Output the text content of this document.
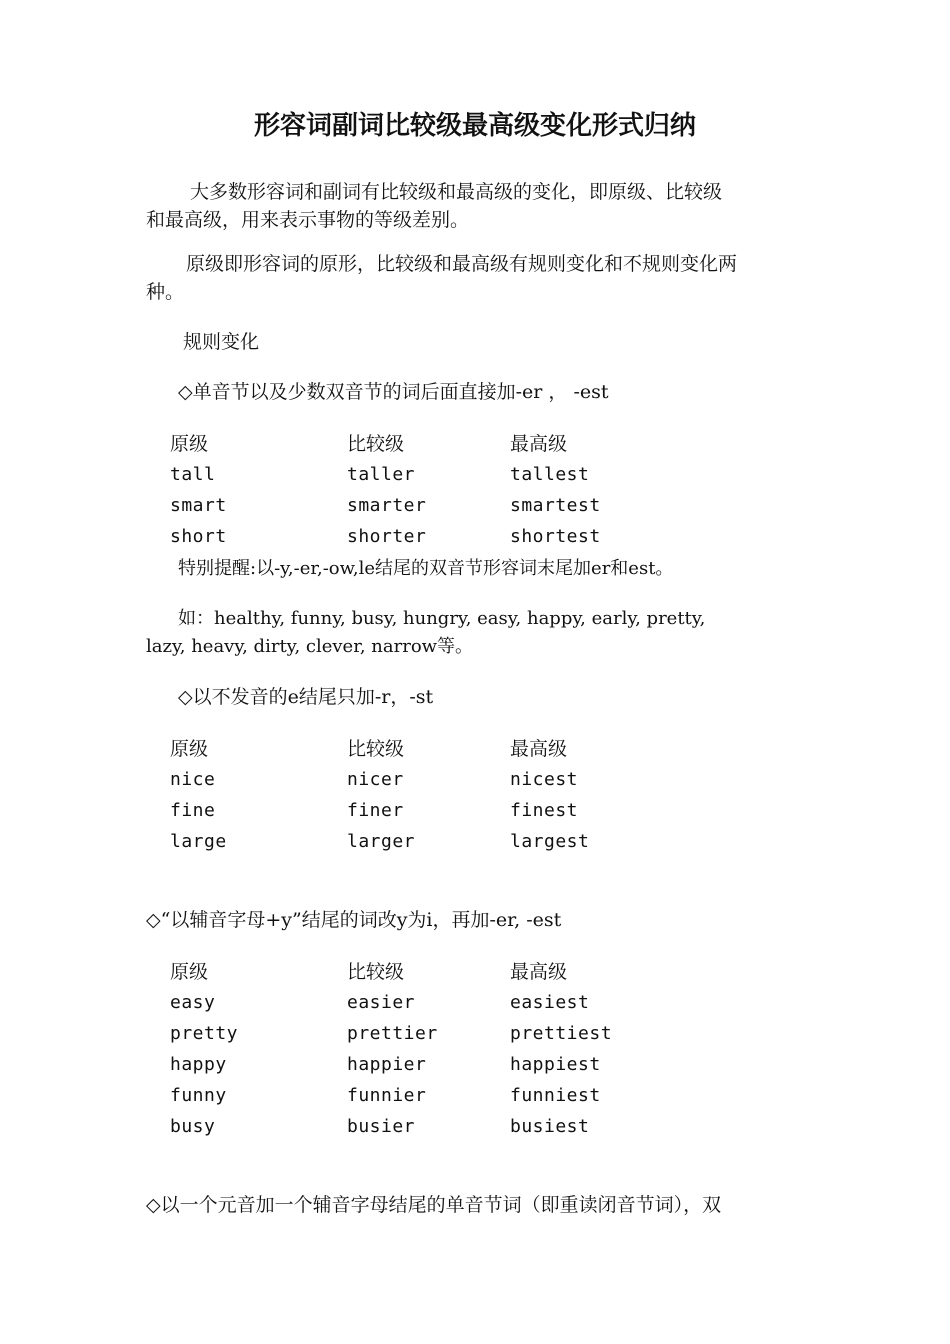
形容词副词比较级最高级变化形式归纳

大多数形容词和副词有比较级和最高级的变化，即原级、比较级
和最高级，用来表示事物的等级差别。

原级即形容词的原形，比较级和最高级有规则变化和不规则变化两
种。

规则变化
◇单音节以及少数双音节的词后面直接加-er ， -est
原级	比较级	最高级
tall	taller	tallest
smart	smarter	smartest
short	shorter	shortest
特别提醒:以-y,-er,-ow,le结尾的双音节形容词末尾加er和est。

如：healthy, funny, busy, hungry, easy, happy, early, pretty,
lazy, heavy, dirty, clever, narrow等。

◇以不发音的e结尾只加-r，-st
原级	比较级	最高级
nice	nicer	nicest
fine	finer	finest
large	larger	largest
◇“以辅音字母+y”结尾的词改y为i，再加-er, -est
原级	比较级	最高级
easy	easier	easiest
pretty	prettier	prettiest
happy	happier	happiest
funny	funnier	funniest
busy	busier	busiest
◇以一个元音加一个辅音字母结尾的单音节词（即重读闭音节词），双
